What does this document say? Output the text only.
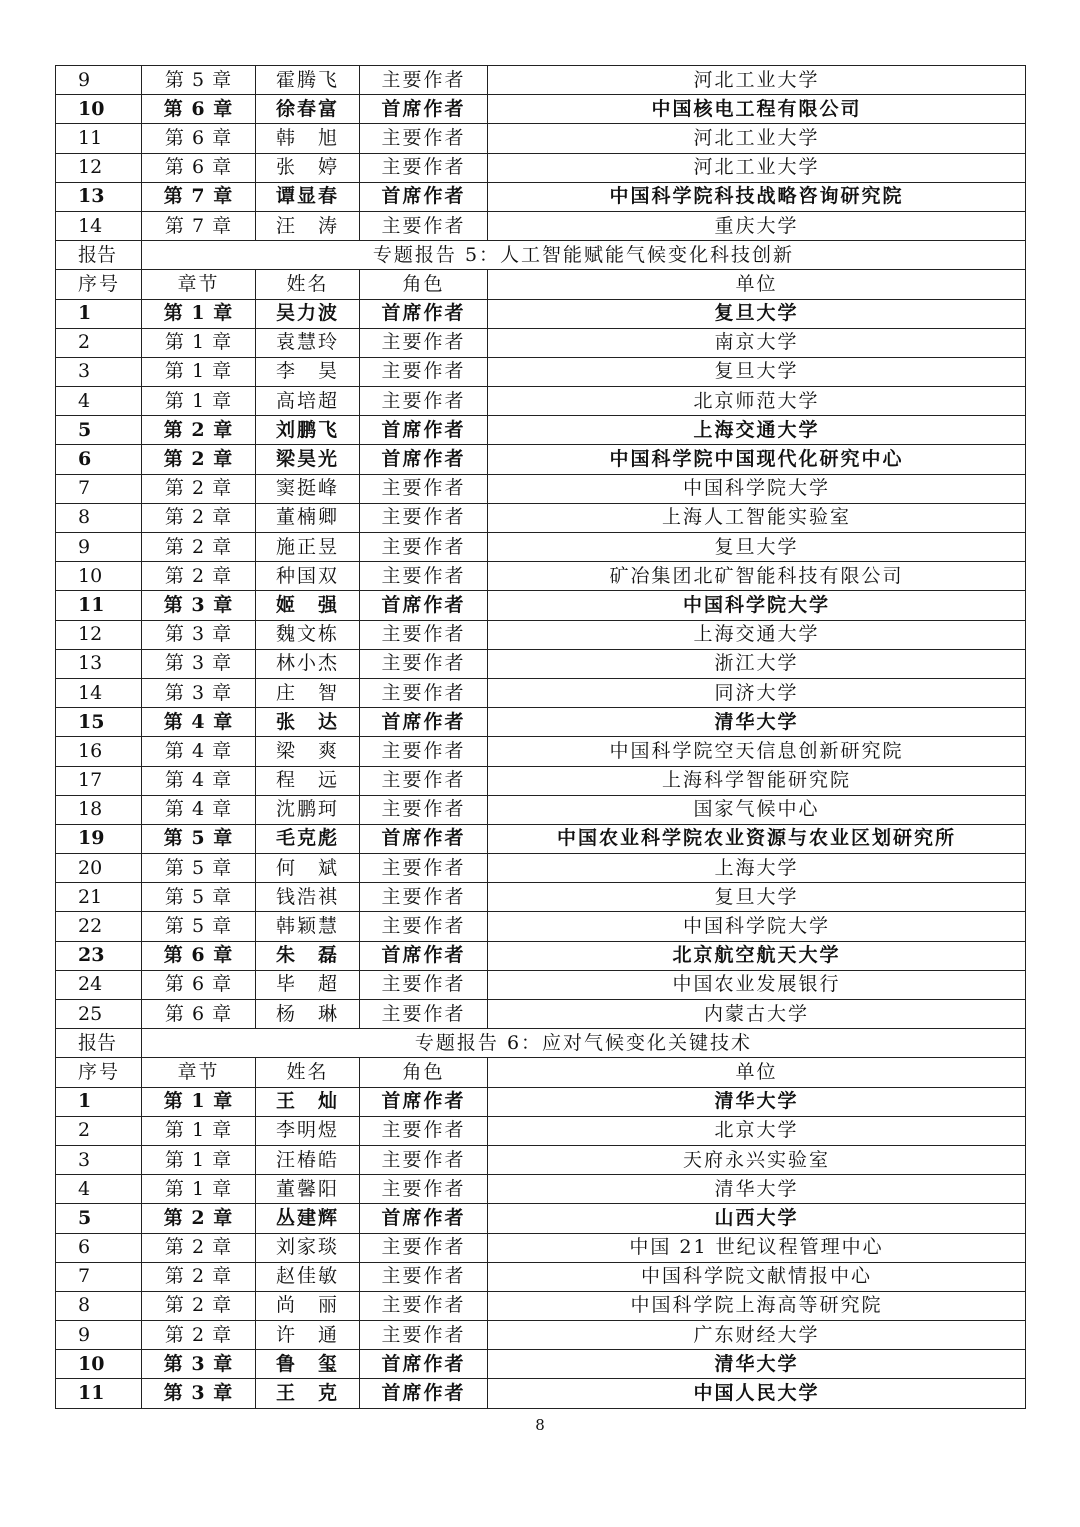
9	第 5 章	霍腾飞	主要作者	河北工业大学
10	第 6 章	徐春富	首席作者	中国核电工程有限公司
11	第 6 章	韩　旭	主要作者	河北工业大学
12	第 6 章	张　婷	主要作者	河北工业大学
13	第 7 章	谭显春	首席作者	中国科学院科技战略咨询研究院
14	第 7 章	汪　涛	主要作者	重庆大学
报告	专题报告 5：人工智能赋能气候变化科技创新			
序号	章节	姓名	角色	单位
1	第 1 章	吴力波	首席作者	复旦大学
2	第 1 章	袁慧玲	主要作者	南京大学
3	第 1 章	李　昊	主要作者	复旦大学
4	第 1 章	高培超	主要作者	北京师范大学
5	第 2 章	刘鹏飞	首席作者	上海交通大学
6	第 2 章	梁昊光	首席作者	中国科学院中国现代化研究中心
7	第 2 章	窦挺峰	主要作者	中国科学院大学
8	第 2 章	董楠卿	主要作者	上海人工智能实验室
9	第 2 章	施正昱	主要作者	复旦大学
10	第 2 章	种国双	主要作者	矿冶集团北矿智能科技有限公司
11	第 3 章	姬　强	首席作者	中国科学院大学
12	第 3 章	魏文栋	主要作者	上海交通大学
13	第 3 章	林小杰	主要作者	浙江大学
14	第 3 章	庄　智	主要作者	同济大学
15	第 4 章	张　达	首席作者	清华大学
16	第 4 章	梁　爽	主要作者	中国科学院空天信息创新研究院
17	第 4 章	程　远	主要作者	上海科学智能研究院
18	第 4 章	沈鹏珂	主要作者	国家气候中心
19	第 5 章	毛克彪	首席作者	中国农业科学院农业资源与农业区划研究所
20	第 5 章	何　斌	主要作者	上海大学
21	第 5 章	钱浩祺	主要作者	复旦大学
22	第 5 章	韩颖慧	主要作者	中国科学院大学
23	第 6 章	朱　磊	首席作者	北京航空航天大学
24	第 6 章	毕　超	主要作者	中国农业发展银行
25	第 6 章	杨　琳	主要作者	内蒙古大学
报告	专题报告 6：应对气候变化关键技术			
序号	章节	姓名	角色	单位
1	第 1 章	王　灿	首席作者	清华大学
2	第 1 章	李明煜	主要作者	北京大学
3	第 1 章	汪椿皓	主要作者	天府永兴实验室
4	第 1 章	董馨阳	主要作者	清华大学
5	第 2 章	丛建辉	首席作者	山西大学
6	第 2 章	刘家琰	主要作者	中国 21 世纪议程管理中心
7	第 2 章	赵佳敏	主要作者	中国科学院文献情报中心
8	第 2 章	尚　丽	主要作者	中国科学院上海高等研究院
9	第 2 章	许　通	主要作者	广东财经大学
10	第 3 章	鲁　玺	首席作者	清华大学
11	第 3 章	王　克	首席作者	中国人民大学
8
